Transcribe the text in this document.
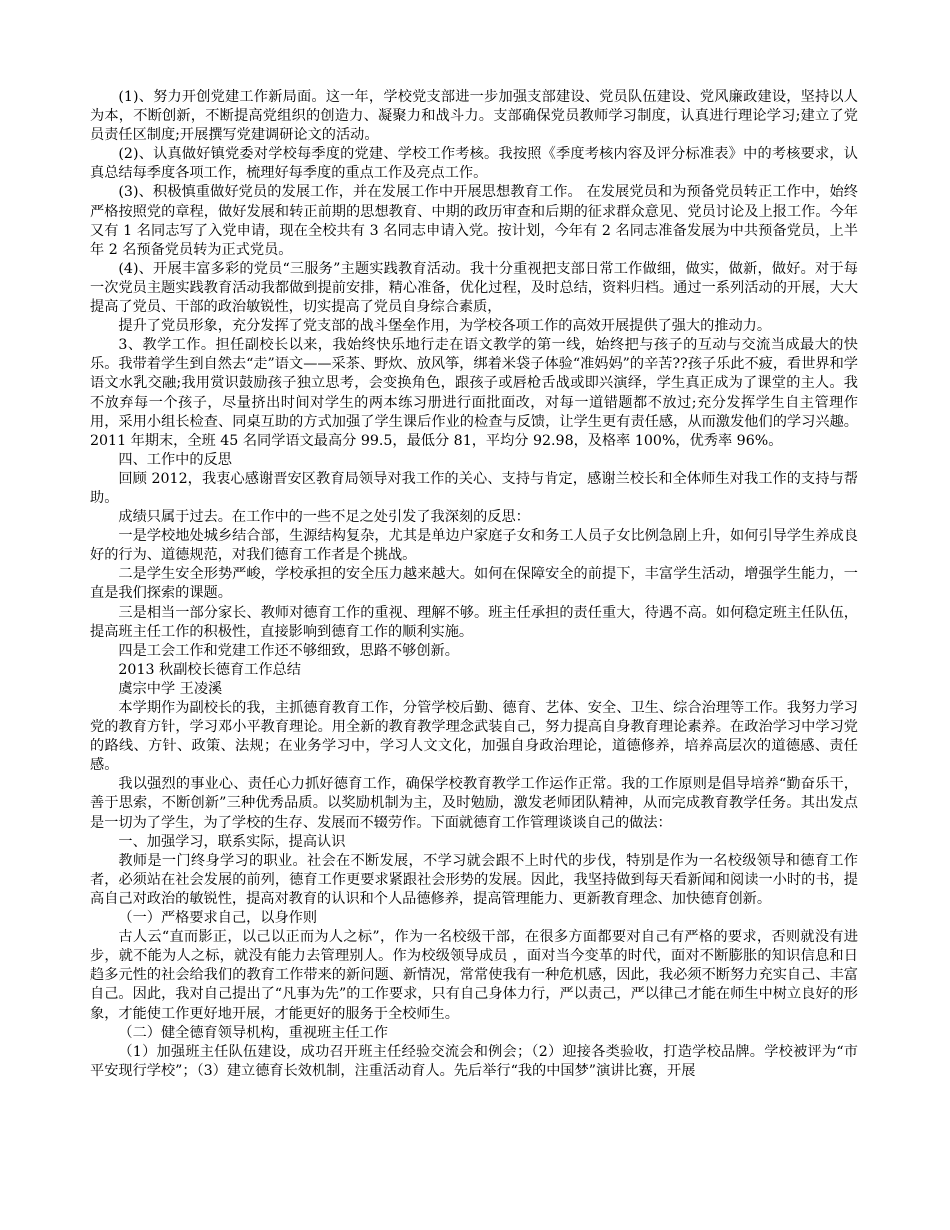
(1)、努力开创党建工作新局面。这一年，学校党支部进一步加强支部建设、党员队伍建设、党风廉政建设，坚持以人为本，不断创新，不断提高党组织的创造力、凝聚力和战斗力。支部确保党员教师学习制度，认真进行理论学习;建立了党员责任区制度;开展撰写党建调研论文的活动。

(2)、认真做好镇党委对学校每季度的党建、学校工作考核。我按照《季度考核内容及评分标准表》中的考核要求，认真总结每季度各项工作，梳理好每季度的重点工作及亮点工作。

(3)、积极慎重做好党员的发展工作，并在发展工作中开展思想教育工作。 在发展党员和为预备党员转正工作中，始终严格按照党的章程，做好发展和转正前期的思想教育、中期的政历审查和后期的征求群众意见、党员讨论及上报工作。今年又有 1 名同志写了入党申请，现在全校共有 3 名同志申请入党。按计划，今年有 2 名同志准备发展为中共预备党员，上半年 2 名预备党员转为正式党员。

(4)、开展丰富多彩的党员“三服务”主题实践教育活动。我十分重视把支部日常工作做细，做实，做新，做好。对于每一次党员主题实践教育活动我都做到提前安排，精心准备，优化过程，及时总结，资料归档。通过一系列活动的开展，大大提高了党员、干部的政治敏锐性，切实提高了党员自身综合素质，

提升了党员形象，充分发挥了党支部的战斗堡垒作用，为学校各项工作的高效开展提供了强大的推动力。

3、教学工作。担任副校长以来，我始终快乐地行走在语文教学的第一线，始终把与孩子的互动与交流当成最大的快乐。我带着学生到自然去“走”语文——采茶、野炊、放风筝，绑着米袋子体验“准妈妈”的辛苦??孩子乐此不疲，看世界和学语文水乳交融;我用赏识鼓励孩子独立思考，会变换角色，跟孩子或唇枪舌战或即兴演绎，学生真正成为了课堂的主人。我不放弃每一个孩子，尽量挤出时间对学生的两本练习册进行面批面改，对每一道错题都不放过;充分发挥学生自主管理作用，采用小组长检查、同桌互助的方式加强了学生课后作业的检查与反馈，让学生更有责任感，从而激发他们的学习兴趣。2011 年期末，全班 45 名同学语文最高分 99.5，最低分 81，平均分 92.98，及格率 100%，优秀率 96%。

四、工作中的反思

回顾 2012，我衷心感谢晋安区教育局领导对我工作的关心、支持与肯定，感谢兰校长和全体师生对我工作的支持与帮助。

成绩只属于过去。在工作中的一些不足之处引发了我深刻的反思：

一是学校地处城乡结合部，生源结构复杂，尤其是单边户家庭子女和务工人员子女比例急剧上升，如何引导学生养成良好的行为、道德规范，对我们德育工作者是个挑战。

二是学生安全形势严峻，学校承担的安全压力越来越大。如何在保障安全的前提下，丰富学生活动，增强学生能力，一直是我们探索的课题。

三是相当一部分家长、教师对德育工作的重视、理解不够。班主任承担的责任重大，待遇不高。如何稳定班主任队伍，提高班主任工作的积极性，直接影响到德育工作的顺利实施。

四是工会工作和党建工作还不够细致，思路不够创新。

2013 秋副校长德育工作总结

虞宗中学 王凌溪

本学期作为副校长的我，主抓德育教育工作，分管学校后勤、德育、艺体、安全、卫生、综合治理等工作。我努力学习党的教育方针，学习邓小平教育理论。用全新的教育教学理念武装自己，努力提高自身教育理论素养。在政治学习中学习党的路线、方针、政策、法规；在业务学习中，学习人文文化，加强自身政治理论，道德修养，培养高层次的道德感、责任感。

我以强烈的事业心、责任心力抓好德育工作，确保学校教育教学工作运作正常。我的工作原则是倡导培养“勤奋乐干，善于思索，不断创新”三种优秀品质。以奖励机制为主，及时勉励，激发老师团队精神，从而完成教育教学任务。其出发点是一切为了学生，为了学校的生存、发展而不辍劳作。下面就德育工作管理谈谈自己的做法：

一、加强学习，联系实际，提高认识

教师是一门终身学习的职业。社会在不断发展，不学习就会跟不上时代的步伐，特别是作为一名校级领导和德育工作者，必须站在社会发展的前列，德育工作更要求紧跟社会形势的发展。因此，我坚持做到每天看新闻和阅读一小时的书，提高自己对政治的敏锐性，提高对教育的认识和个人品德修养，提高管理能力、更新教育理念、加快德育创新。

（一）严格要求自己，以身作则

古人云“直而影正，以己以正而为人之标”，作为一名校级干部，在很多方面都要对自己有严格的要求，否则就没有进步，就不能为人之标，就没有能力去管理别人。作为校级领导成员 ，面对当今变革的时代，面对不断膨胀的知识信息和日趋多元性的社会给我们的教育工作带来的新问题、新情况，常常使我有一种危机感，因此，我必须不断努力充实自己、丰富自己。因此，我对自己提出了“凡事为先”的工作要求，只有自己身体力行，严以责己，严以律己才能在师生中树立良好的形象，才能使工作更好地开展，才能更好的服务于全校师生。

（二）健全德育领导机构，重视班主任工作

（1）加强班主任队伍建设，成功召开班主任经验交流会和例会；（2）迎接各类验收，打造学校品牌。学校被评为“市平安现行学校”；（3）建立德育长效机制，注重活动育人。先后举行“我的中国梦”演讲比赛，开展
